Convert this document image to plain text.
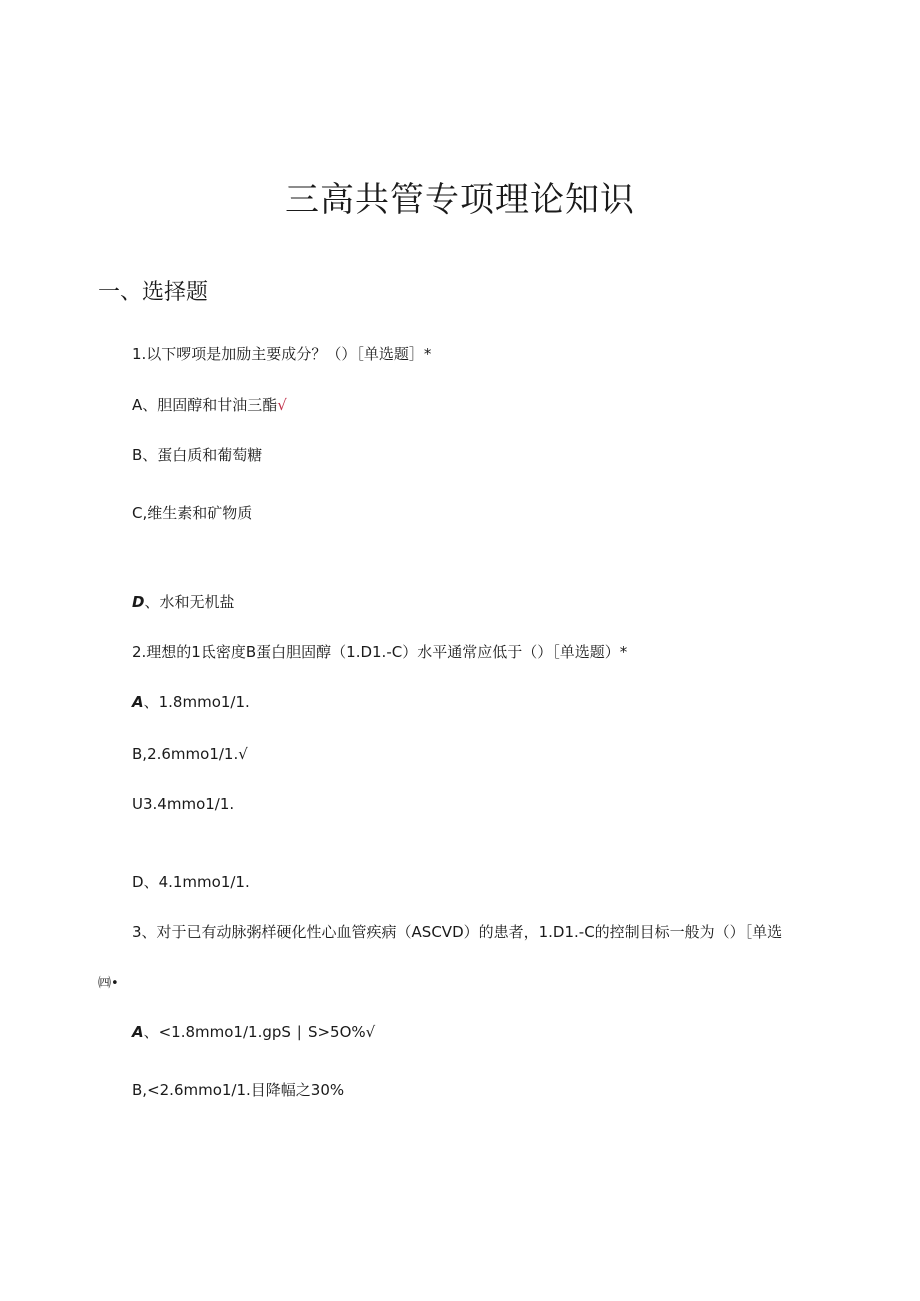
三高共管专项理论知识
一、选择题
1.以下啰项是加励主要成分？（）［单选题］*
A、胆固醇和甘油三酯√
B、蛋白质和葡萄糖
C,维生素和矿物质
D、水和无机盐
2.理想的1氐密度B蛋白胆固醇（1.D1.-C）水平通常应低于（）［单选题）*
A、1.8mmo1∕1.
B,2.6mmo1∕1.√
U3.4mmo1∕1.
D、4.1mmo1∕1.
3、对于已有动脉粥样硬化性心血管疾病（ASCVD）的患者，1.D1.-C的控制目标一般为（）［单选
㈣•
A、<1.8mmo1∕1.gpS ∣ S>5O%√
B,<2.6mmo1∕1.目降幅之30%
